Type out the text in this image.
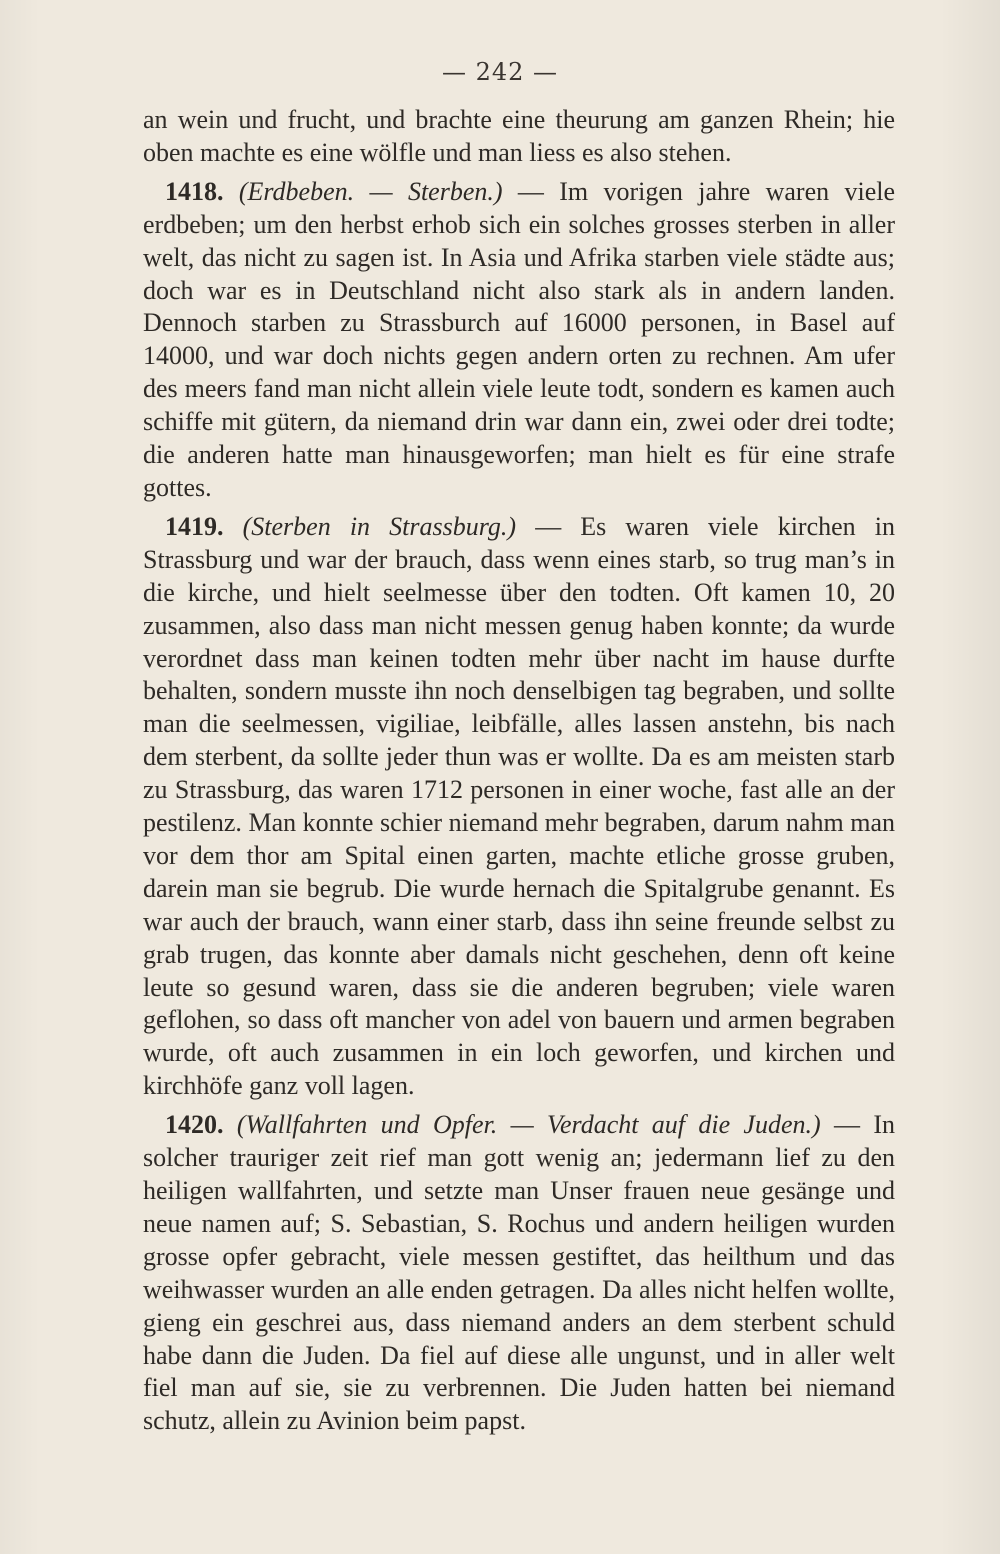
— 242 —

an wein und frucht, und brachte eine theurung am ganzen Rhein; hie oben machte es eine wölfle und man liess es also stehen.

1418. (Erdbeben. — Sterben.) — Im vorigen jahre waren viele erdbeben; um den herbst erhob sich ein solches grosses sterben in aller welt, das nicht zu sagen ist. In Asia und Afrika starben viele städte aus; doch war es in Deutschland nicht also stark als in andern landen. Dennoch starben zu Strassburch auf 16000 personen, in Basel auf 14000, und war doch nichts gegen andern orten zu rechnen. Am ufer des meers fand man nicht allein viele leute todt, sondern es kamen auch schiffe mit gütern, da niemand drin war dann ein, zwei oder drei todte; die anderen hatte man hinausgeworfen; man hielt es für eine strafe gottes.

1419. (Sterben in Strassburg.) — Es waren viele kirchen in Strassburg und war der brauch, dass wenn eines starb, so trug man’s in die kirche, und hielt seelmesse über den todten. Oft kamen 10, 20 zusammen, also dass man nicht messen genug haben konnte; da wurde verordnet dass man keinen todten mehr über nacht im hause durfte behalten, sondern musste ihn noch denselbigen tag begraben, und sollte man die seelmessen, vigiliae, leibfälle, alles lassen anstehn, bis nach dem sterbent, da sollte jeder thun was er wollte. Da es am meisten starb zu Strassburg, das waren 1712 personen in einer woche, fast alle an der pestilenz. Man konnte schier niemand mehr begraben, darum nahm man vor dem thor am Spital einen garten, machte etliche grosse gruben, darein man sie begrub. Die wurde hernach die Spitalgrube genannt. Es war auch der brauch, wann einer starb, dass ihn seine freunde selbst zu grab trugen, das konnte aber damals nicht geschehen, denn oft keine leute so gesund waren, dass sie die anderen begruben; viele waren geflohen, so dass oft mancher von adel von bauern und armen begraben wurde, oft auch zusammen in ein loch geworfen, und kirchen und kirchhöfe ganz voll lagen.

1420. (Wallfahrten und Opfer. — Verdacht auf die Juden.) — In solcher trauriger zeit rief man gott wenig an; jedermann lief zu den heiligen wallfahrten, und setzte man Unser frauen neue gesänge und neue namen auf; S. Sebastian, S. Rochus und andern heiligen wurden grosse opfer gebracht, viele messen gestiftet, das heilthum und das weihwasser wurden an alle enden getragen. Da alles nicht helfen wollte, gieng ein geschrei aus, dass niemand anders an dem sterbent schuld habe dann die Juden. Da fiel auf diese alle ungunst, und in aller welt fiel man auf sie, sie zu verbrennen. Die Juden hatten bei niemand schutz, allein zu Avinion beim papst.
